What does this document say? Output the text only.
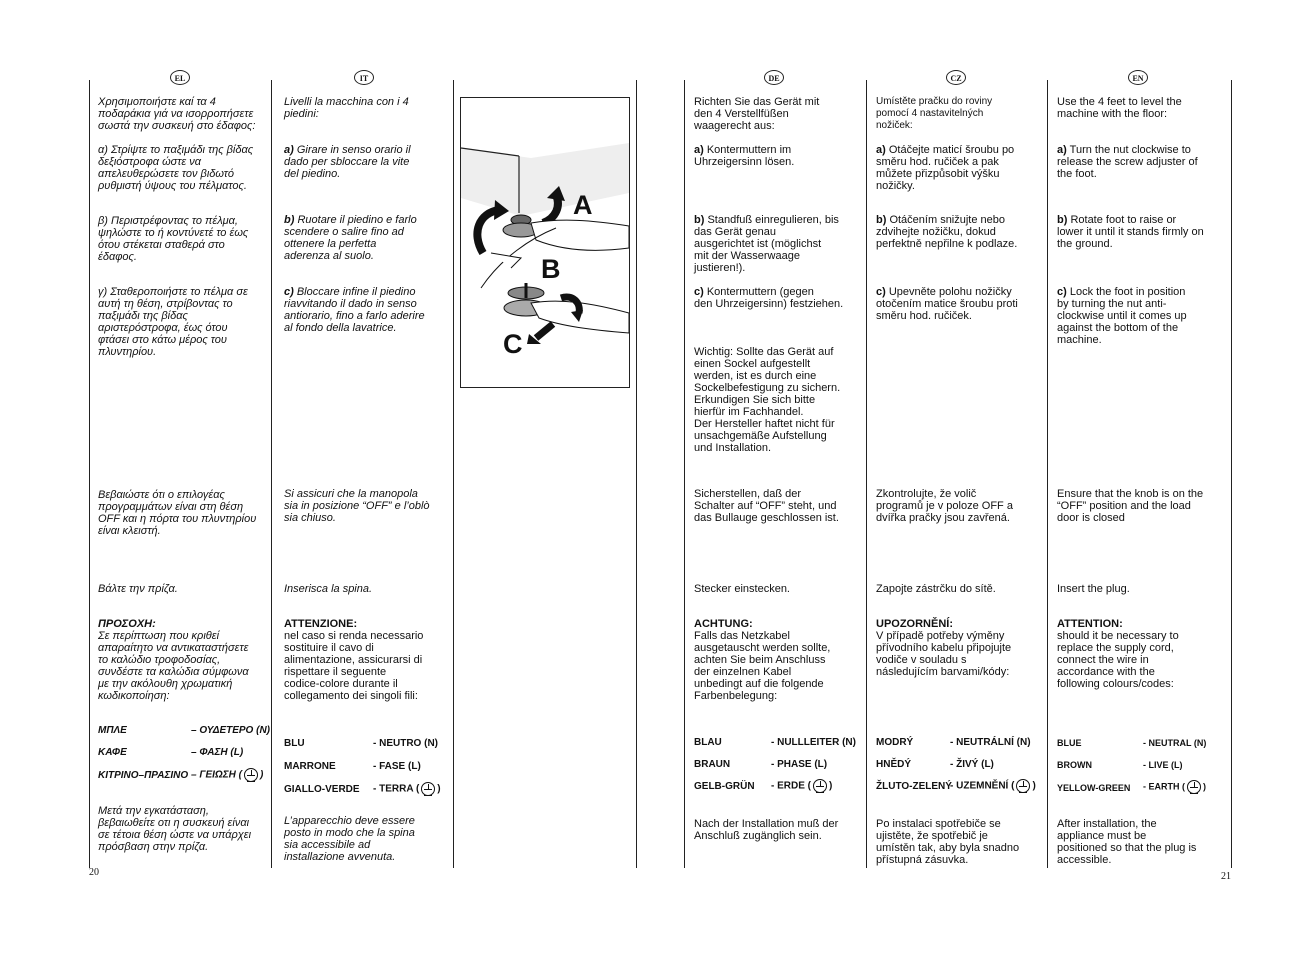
EL	IT	DE	CZ	EN
Χρησιμοποιήστε καί τα 4
ποδαράκια γιά να ισορροπήσετε
σωστά την συσκευή στο έδαφος:
α) Στρίψτε το παξιμάδι της βίδας
δεξιόστροφα ώστε να
απελευθερώσετε τον βιδωτό
ρυθμιστή ύψους του πέλματος.
β) Περιστρέφοντας το πέλμα,
ψηλώστε το ή κοντύνετέ το έως
ότου στέκεται σταθερά στο
έδαφος.
γ) Σταθεροποιήστε το πέλμα σε
αυτή τη θέση, στρίβοντας το
παξιμάδι της βίδας
αριστερόστροφα, έως ότου
φτάσει στο κάτω μέρος του
πλυντηρίου.
Βεβαιώστε ότι ο επιλογέας
προγραμμάτων είναι στη θέση
OFF και η πόρτα του πλυντηρίου
είναι κλειστή.
Βάλτε την πρίζα.
ΠΡΟΣΟΧΗ:
Σε περίπτωση που κριθεί
απαραίτητο να αντικαταστήσετε
το καλώδιο τροφοδοσίας,
συνδέστε τα καλώδια σύμφωνα
με την ακόλουθη χρωματική
κωδικοποίηση:
ΜΠΛΕ	– ΟΥΔΕΤΕΡΟ (N)
ΚΑΦΕ	– ΦΑΣΗ (L)
ΚΙΤΡΙΝΟ–ΠΡΑΣΙΝΟ – ΓΕΙΩΣΗ ( )
Μετά την εγκατάσταση,
βεβαιωθείτε οτι η συσκευή είναι
σε τέτοια θέση ώστε να υπάρχει
πρόσβαση στην πρίζα.
Livelli la macchina con i 4
piedini:
a) Girare in senso orario il
dado per sbloccare la vite
del piedino.
b) Ruotare il piedino e farlo
scendere o salire fino ad
ottenere la perfetta
aderenza al suolo.
c) Bloccare infine il piedino
riavvitando il dado in senso
antiorario, fino a farlo aderire
al fondo della lavatrice.
Si assicuri che la manopola
sia in posizione “OFF” e l’oblò
sia chiuso.
Inserisca la spina.
ATTENZIONE:
nel caso si renda necessario
sostituire il cavo di
alimentazione, assicurarsi di
rispettare il seguente
codice-colore durante il
collegamento dei singoli fili:
BLU	- NEUTRO (N)
MARRONE	- FASE (L)
GIALLO-VERDE - TERRA ( )
L’apparecchio deve essere
posto in modo che la spina
sia accessibile ad
installazione avvenuta.
A
B
C
Richten Sie das Gerät mit
den 4 Verstellfüßen
waagerecht aus:
a) Kontermuttern im
Uhrzeigersinn lösen.
b) Standfuß einregulieren, bis
das Gerät genau
ausgerichtet ist (möglichst
mit der Wasserwaage
justieren!).
c) Kontermuttern (gegen
den Uhrzeigersinn) festziehen.
Wichtig: Sollte das Gerät auf
einen Sockel aufgestellt
werden, ist es durch eine
Sockelbefestigung zu sichern.
Erkundigen Sie sich bitte
hierfür im Fachhandel.
Der Hersteller haftet nicht für
unsachgemäße Aufstellung
und Installation.
Sicherstellen, daß der
Schalter auf “OFF” steht, und
das Bullauge geschlossen ist.
Stecker einstecken.
ACHTUNG:
Falls das Netzkabel
ausgetauscht werden sollte,
achten Sie beim Anschluss
der einzelnen Kabel
unbedingt auf die folgende
Farbenbelegung:
BLAU	- NULLLEITER (N)
BRAUN	- PHASE (L)
GELB-GRÜN - ERDE ( )
Nach der Installation muß der
Anschluß zugänglich sein.
Umístěte pračku do roviny
pomocí 4 nastavitelných
nožiček:
a) Otáčejte maticí šroubu po
směru hod. ručiček a pak
můžete přizpůsobit výšku
nožičky.
b) Otáčením snižujte nebo
zdvihejte nožičku, dokud
perfektně nepřilne k podlaze.
c) Upevněte polohu nožičky
otočením matice šroubu proti
směru hod. ručiček.
Zkontrolujte, že volič
programů je v poloze OFF a
dvířka pračky jsou zavřená.
Zapojte zástrčku do sítě.
UPOZORNĚNÍ:
V případě potřeby výměny
přívodního kabelu připojujte
vodiče v souladu s
následujícím barvami/kódy:
MODRÝ	- NEUTRÁLNÍ (N)
HNĚDÝ	- ŽIVÝ (L)
ŽLUTO-ZELENÝ
- UZEMNĚNÍ ( )
Po instalaci spotřebiče se
ujistěte, že spotřebič je
umístěn tak, aby byla snadno
přístupná zásuvka.
Use the 4 feet to level the
machine with the floor:
a) Turn the nut clockwise to
release the screw adjuster of
the foot.
b) Rotate foot to raise or
lower it until it stands firmly on
the ground.
c) Lock the foot in position
by turning the nut anti-
clockwise until it comes up
against the bottom of the
machine.
Ensure that the knob is on the
“OFF” position and the load
door is closed
Insert the plug.
ATTENTION:
should it be necessary to
replace the supply cord,
connect the wire in
accordance with the
following colours/codes:
BLUE	- NEUTRAL (N)
BROWN	- LIVE (L)
YELLOW-GREEN - EARTH ( )
After installation, the
appliance must be
positioned so that the plug is
accessible.
20	21
